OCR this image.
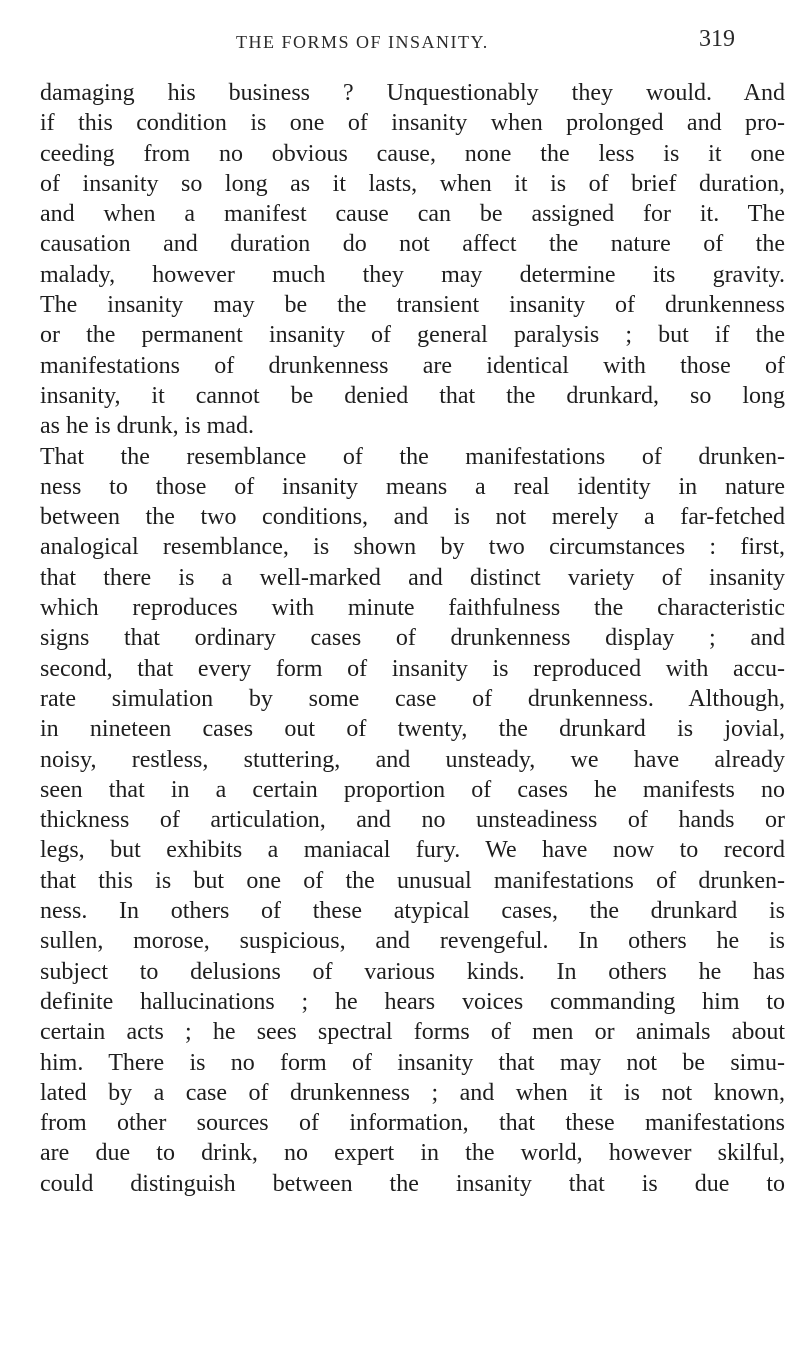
THE FORMS OF INSANITY.	319
damaging his business ? Unquestionably they would. And
if this condition is one of insanity when prolonged and pro-
ceeding from no obvious cause, none the less is it one
of insanity so long as it lasts, when it is of brief duration,
and when a manifest cause can be assigned for it. The
causation and duration do not affect the nature of the
malady, however much they may determine its gravity.
The insanity may be the transient insanity of drunkenness
or the permanent insanity of general paralysis ; but if the
manifestations of drunkenness are identical with those of
insanity, it cannot be denied that the drunkard, so long
as he is drunk, is mad.
That the resemblance of the manifestations of drunken-
ness to those of insanity means a real identity in nature
between the two conditions, and is not merely a far-fetched
analogical resemblance, is shown by two circumstances : first,
that there is a well-marked and distinct variety of insanity
which reproduces with minute faithfulness the characteristic
signs that ordinary cases of drunkenness display ; and
second, that every form of insanity is reproduced with accu-
rate simulation by some case of drunkenness. Although,
in nineteen cases out of twenty, the drunkard is jovial,
noisy, restless, stuttering, and unsteady, we have already
seen that in a certain proportion of cases he manifests no
thickness of articulation, and no unsteadiness of hands or
legs, but exhibits a maniacal fury. We have now to record
that this is but one of the unusual manifestations of drunken-
ness. In others of these atypical cases, the drunkard is
sullen, morose, suspicious, and revengeful. In others he is
subject to delusions of various kinds. In others he has
definite hallucinations ; he hears voices commanding him to
certain acts ; he sees spectral forms of men or animals about
him. There is no form of insanity that may not be simu-
lated by a case of drunkenness ; and when it is not known,
from other sources of information, that these manifestations
are due to drink, no expert in the world, however skilful,
could distinguish between the insanity that is due to
